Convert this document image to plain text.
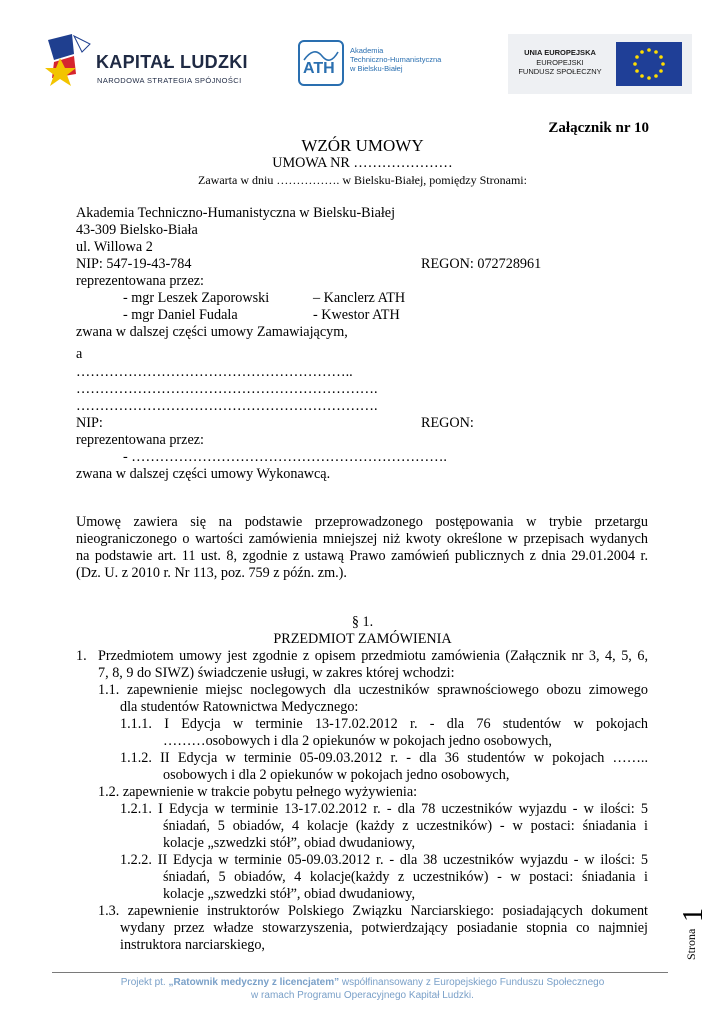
KAPITAŁ LUDZKI
NARODOWA STRATEGIA SPÓJNOŚCI
ATH
Akademia
Techniczno-Humanistyczna
w Bielsku-Białej
UNIA EUROPEJSKA
EUROPEJSKI
FUNDUSZ SPOŁECZNY
Załącznik nr 10
WZÓR UMOWY
UMOWA NR …………………
Zawarta w dniu ……………. w Bielsku-Białej, pomiędzy Stronami:
Akademia Techniczno-Humanistyczna w Bielsku-Białej
43-309 Bielsko-Biała
ul. Willowa 2
NIP: 547-19-43-784	REGON: 072728961
reprezentowana przez:
- mgr Leszek Zaporowski	– Kanclerz ATH
- mgr Daniel Fudala	- Kwestor ATH
zwana w dalszej części umowy Zamawiającym,
a
…………………………………………………..
……………………………………………………….
……………………………………………………….
NIP:	REGON:
reprezentowana przez:
- ………………………………………………………….
zwana w dalszej części umowy Wykonawcą.
Umowę zawiera się na podstawie przeprowadzonego postępowania w trybie przetargu
nieograniczonego o wartości zamówienia mniejszej niż kwoty określone w przepisach wydanych
na podstawie art. 11 ust. 8, zgodnie z ustawą Prawo zamówień publicznych z dnia 29.01.2004 r.
(Dz. U. z 2010 r. Nr 113, poz. 759 z późn. zm.).
§ 1.
PRZEDMIOT ZAMÓWIENIA
1. Przedmiotem umowy jest zgodnie z opisem przedmiotu zamówienia (Załącznik nr 3, 4, 5, 6,
7, 8, 9 do SIWZ) świadczenie usługi, w zakres której wchodzi:
1.1. zapewnienie miejsc noclegowych dla uczestników sprawnościowego obozu zimowego
dla studentów Ratownictwa Medycznego:
1.1.1. I Edycja w terminie 13-17.02.2012 r. - dla 76 studentów w pokojach
………osobowych i dla 2 opiekunów w pokojach jedno osobowych,
1.1.2. II Edycja w terminie 05-09.03.2012 r. - dla 36 studentów w pokojach ……..
osobowych i dla 2 opiekunów w pokojach jedno osobowych,
1.2. zapewnienie w trakcie pobytu pełnego wyżywienia:
1.2.1. I Edycja w terminie 13-17.02.2012 r. - dla 78 uczestników wyjazdu - w ilości: 5
śniadań, 5 obiadów, 4 kolacje (każdy z uczestników) - w postaci: śniadania i
kolacje „szwedzki stół”, obiad dwudaniowy,
1.2.2. II Edycja w terminie 05-09.03.2012 r. - dla 38 uczestników wyjazdu - w ilości: 5
śniadań, 5 obiadów, 4 kolacje(każdy z uczestników) - w postaci: śniadania i
kolacje „szwedzki stół”, obiad dwudaniowy,
1.3. zapewnienie instruktorów Polskiego Związku Narciarskiego: posiadających dokument
wydany przez władze stowarzyszenia, potwierdzający posiadanie stopnia co najmniej
instruktora narciarskiego,	Strona
1
Projekt pt. „Ratownik medyczny z licencjatem” współfinansowany z Europejskiego Funduszu Społecznego
w ramach Programu Operacyjnego Kapitał Ludzki.
